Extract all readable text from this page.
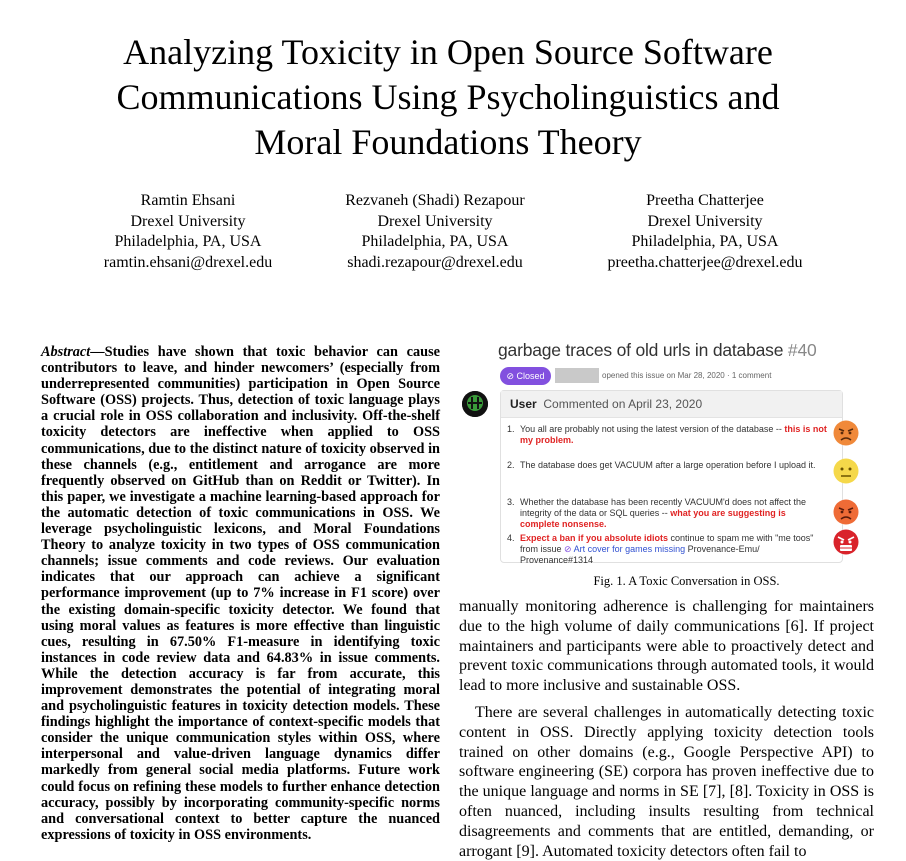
Analyzing Toxicity in Open Source Software
Communications Using Psycholinguistics and
Moral Foundations Theory
Ramtin Ehsani
Drexel University
Philadelphia, PA, USA
ramtin.ehsani@drexel.edu
Rezvaneh (Shadi) Rezapour
Drexel University
Philadelphia, PA, USA
shadi.rezapour@drexel.edu
Preetha Chatterjee
Drexel University
Philadelphia, PA, USA
preetha.chatterjee@drexel.edu
Abstract—Studies have shown that toxic behavior can cause contributors to leave, and hinder newcomers’ (especially from underrepresented communities) participation in Open Source Software (OSS) projects. Thus, detection of toxic language plays a crucial role in OSS collaboration and inclusivity. Off-the-shelf toxicity detectors are ineffective when applied to OSS communications, due to the distinct nature of toxicity observed in these channels (e.g., entitlement and arrogance are more frequently observed on GitHub than on Reddit or Twitter). In this paper, we investigate a machine learning-based approach for the automatic detection of toxic communications in OSS. We leverage psycholinguistic lexicons, and Moral Foundations Theory to analyze toxicity in two types of OSS communication channels; issue comments and code reviews. Our evaluation indicates that our approach can achieve a significant performance improvement (up to 7% increase in F1 score) over the existing domain-specific toxicity detector. We found that using moral values as features is more effective than linguistic cues, resulting in 67.50% F1-measure in identifying toxic instances in code review data and 64.83% in issue comments. While the detection accuracy is far from accurate, this improvement demonstrates the potential of integrating moral and psycholinguistic features in toxicity detection models. These findings highlight the importance of context-specific models that consider the unique communication styles within OSS, where interpersonal and value-driven language dynamics differ markedly from general social media platforms. Future work could focus on refining these models to further enhance detection accuracy, possibly by incorporating community-specific norms and conversational context to better capture the nuanced expressions of toxicity in OSS environments.
garbage traces of old urls in database #40
⊘ Closed	opened this issue on Mar 28, 2020 · 1 comment
User Commented on April 23, 2020
1. You all are probably not using the latest version of the database -- this is not my problem.
2. The database does get VACUUM after a large operation before I upload it.
3. Whether the database has been recently VACUUM'd does not affect the integrity of the data or SQL queries -- what you are suggesting is complete nonsense.
4. Expect a ban if you absolute idiots continue to spam me with "me toos" from issue ⊘ Art cover for games missing Provenance-Emu/ Provenance#1314
Fig. 1. A Toxic Conversation in OSS.

manually monitoring adherence is challenging for maintainers due to the high volume of daily communications [6]. If project maintainers and participants were able to proactively detect and prevent toxic communications through automated tools, it would lead to more inclusive and sustainable OSS.

There are several challenges in automatically detecting toxic content in OSS. Directly applying toxicity detection tools trained on other domains (e.g., Google Perspective API) to software engineering (SE) corpora has proven ineffective due to the unique language and norms in SE [7], [8]. Toxicity in OSS is often nuanced, including insults resulting from technical disagreements and comments that are entitled, demanding, or arrogant [9]. Automated toxicity detectors often fail to
